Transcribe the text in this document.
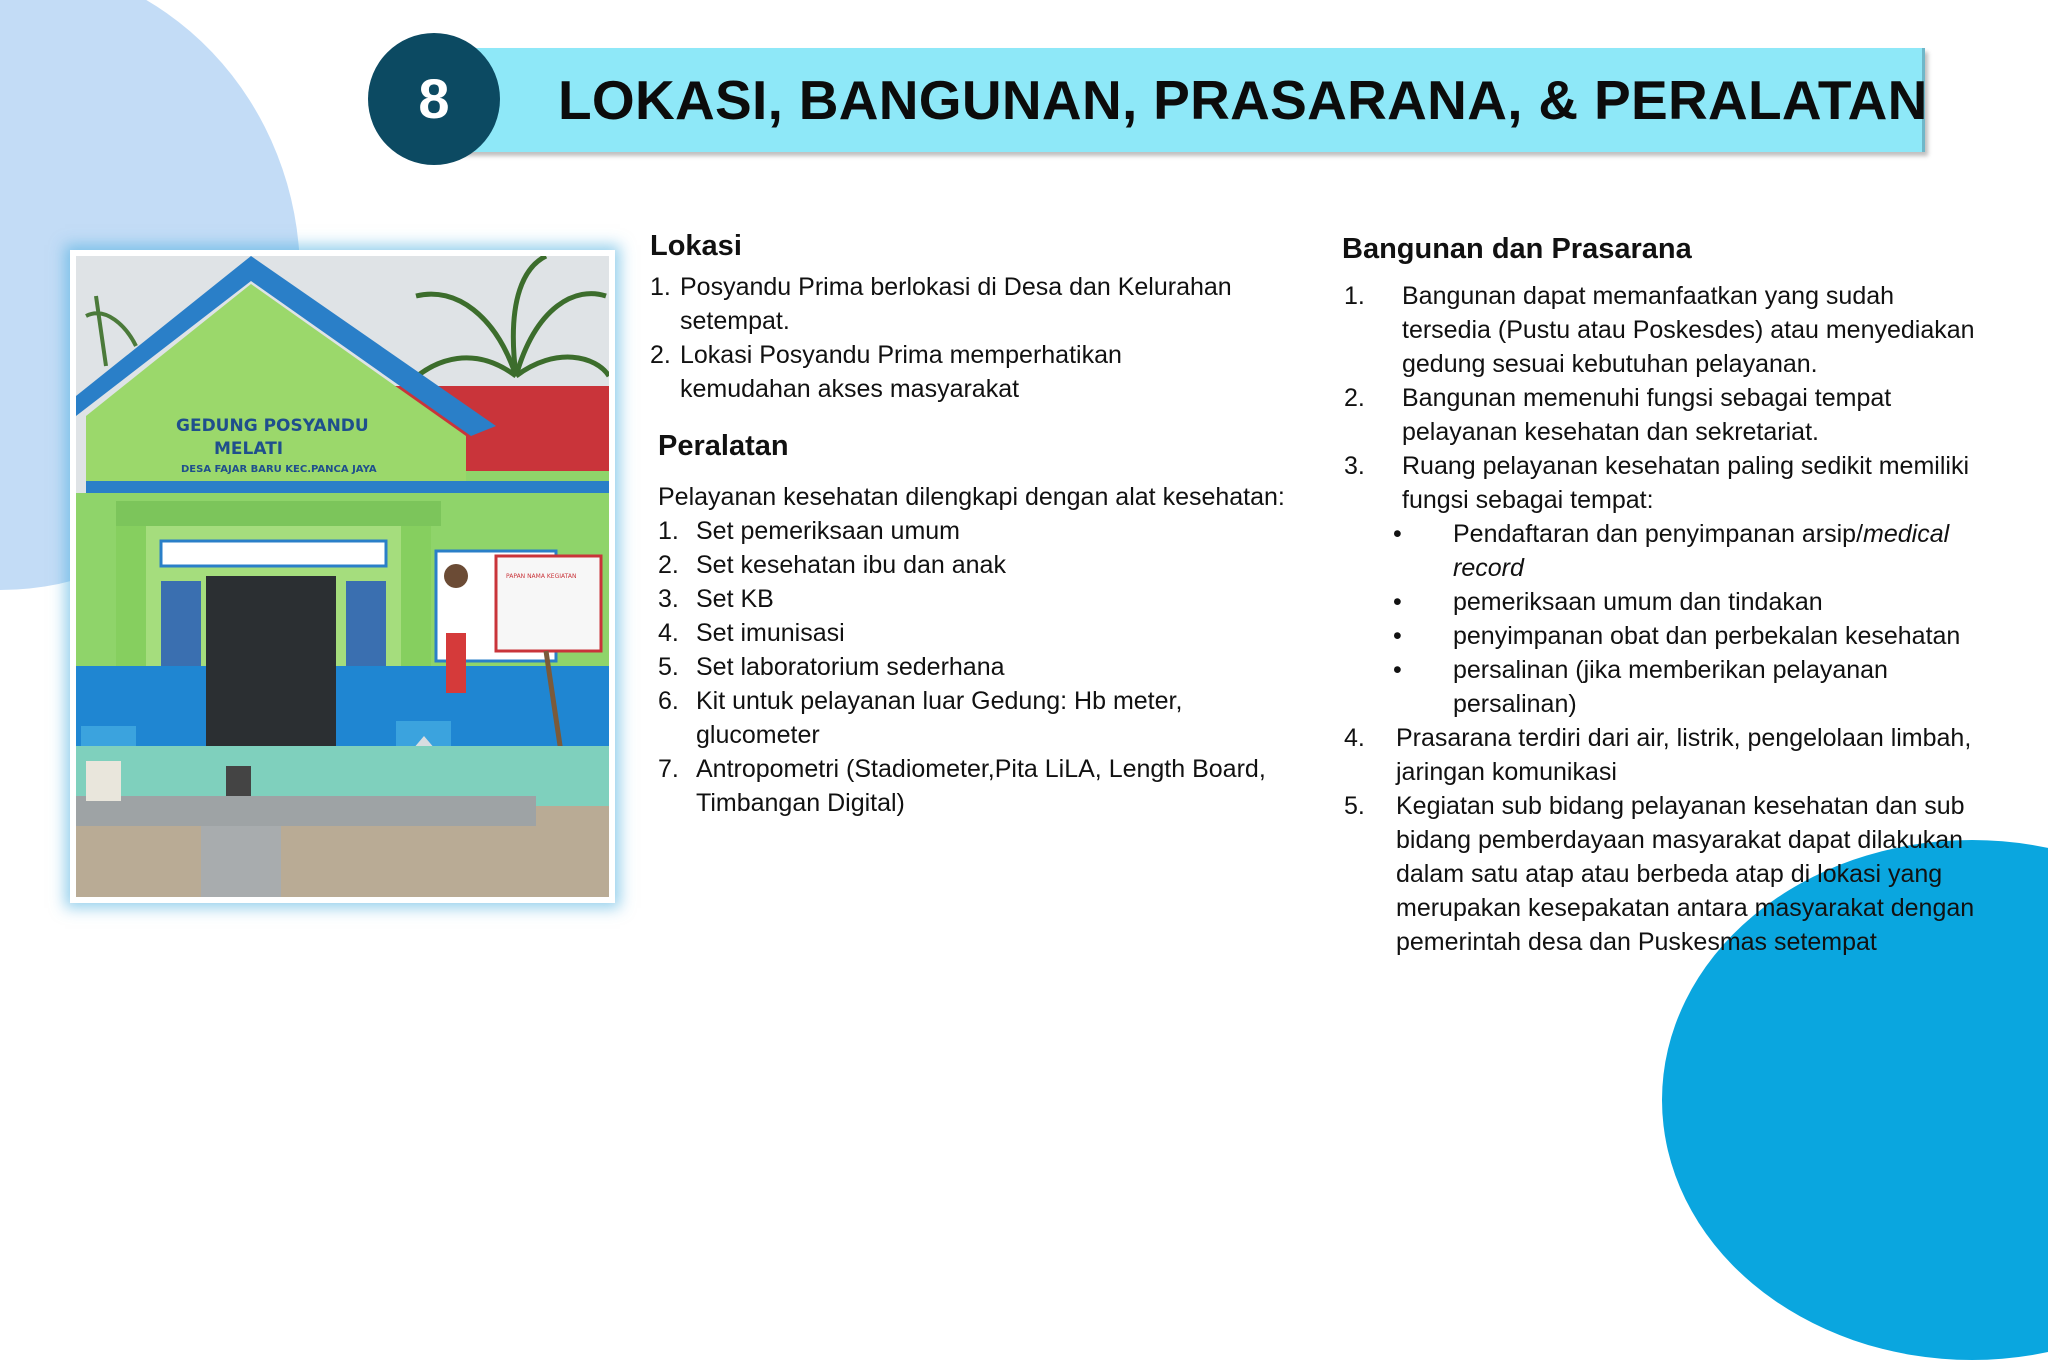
LOKASI, BANGUNAN, PRASARANA, & PERALATAN
8
GEDUNG POSYANDU
MELATI
DESA FAJAR BARU KEC.PANCA JAYA
PAPAN NAMA KEGIATAN
Lokasi
1. Posyandu Prima berlokasi di Desa dan Kelurahan
setempat.
2. Lokasi Posyandu Prima memperhatikan
kemudahan akses masyarakat
Peralatan
Pelayanan kesehatan dilengkapi dengan alat kesehatan:
1. Set pemeriksaan umum
2. Set kesehatan ibu dan anak
3. Set KB
4. Set imunisasi
5. Set laboratorium sederhana
6. Kit untuk pelayanan luar Gedung: Hb meter,
glucometer
7. Antropometri (Stadiometer,Pita LiLA, Length Board,
Timbangan Digital)
Bangunan dan Prasarana
1. Bangunan dapat memanfaatkan yang sudah
tersedia (Pustu atau Poskesdes) atau menyediakan
gedung sesuai kebutuhan pelayanan.
2. Bangunan memenuhi fungsi sebagai tempat
pelayanan kesehatan dan sekretariat.
3. Ruang pelayanan kesehatan paling sedikit memiliki
fungsi sebagai tempat:
• Pendaftaran dan penyimpanan arsip/medical
record
• pemeriksaan umum dan tindakan
• penyimpanan obat dan perbekalan kesehatan
• persalinan (jika memberikan pelayanan
persalinan)
4. Prasarana terdiri dari air, listrik, pengelolaan limbah,
jaringan komunikasi
5. Kegiatan sub bidang pelayanan kesehatan dan sub
bidang pemberdayaan masyarakat dapat dilakukan
dalam satu atap atau berbeda atap di lokasi yang
merupakan kesepakatan antara masyarakat dengan
pemerintah desa dan Puskesmas setempat
